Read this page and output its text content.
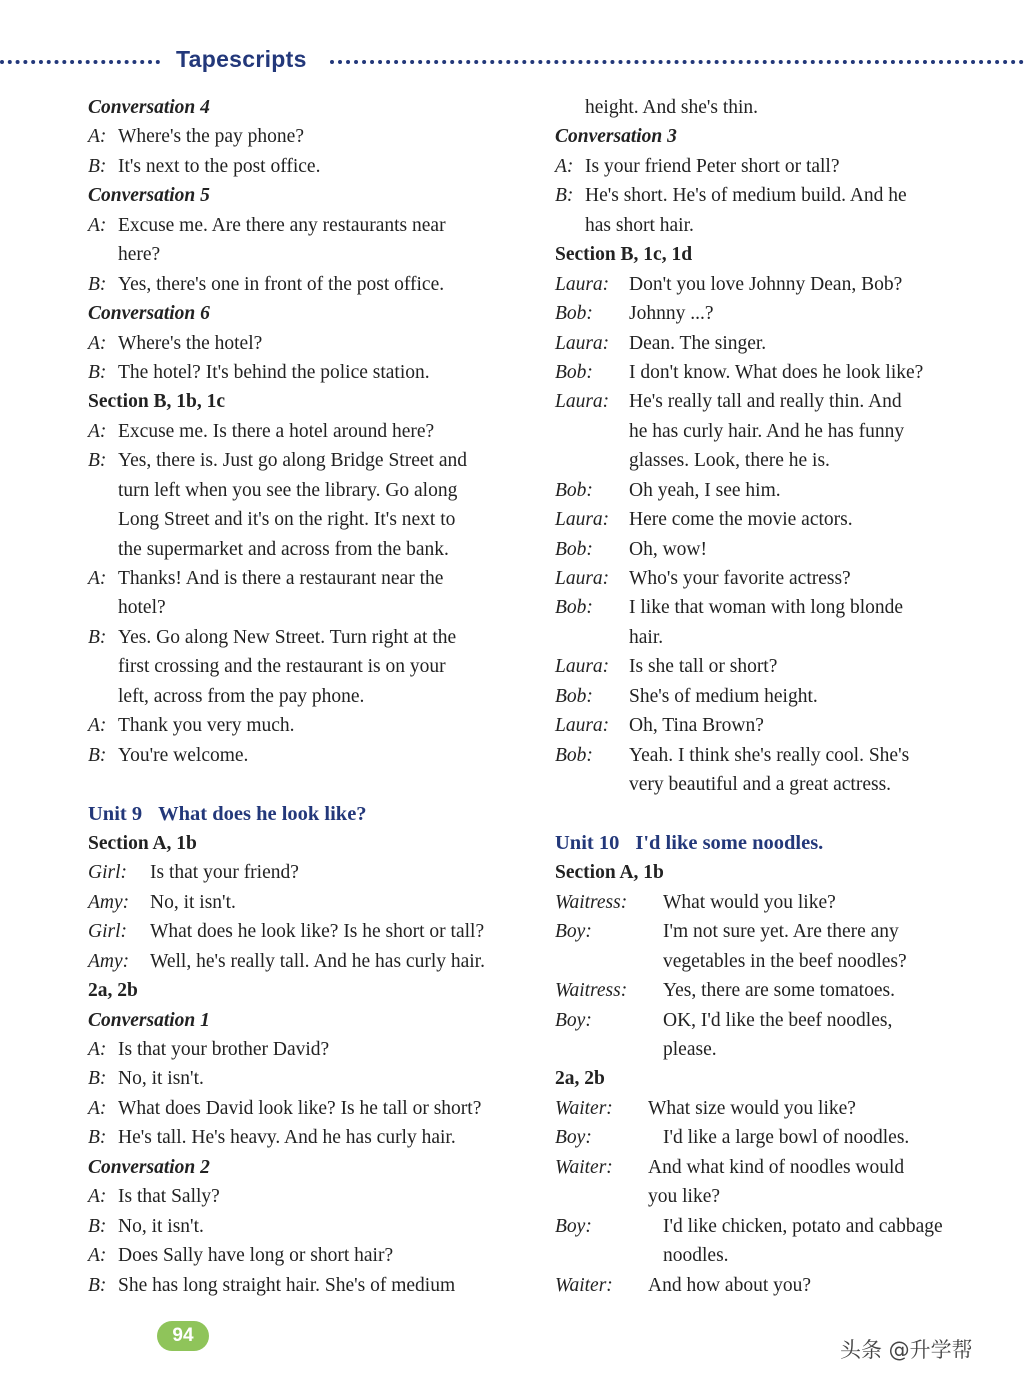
Tapescripts
Conversation 4
A: Where's the pay phone?
B: It's next to the post office.
Conversation 5
A: Excuse me. Are there any restaurants near
here?
B: Yes, there's one in front of the post office.
Conversation 6
A: Where's the hotel?
B: The hotel? It's behind the police station.
Section B, 1b, 1c
A: Excuse me. Is there a hotel around here?
B: Yes, there is. Just go along Bridge Street and
turn left when you see the library. Go along
Long Street and it's on the right. It's next to
the supermarket and across from the bank.
A: Thanks! And is there a restaurant near the
hotel?
B: Yes. Go along New Street. Turn right at the
first crossing and the restaurant is on your
left, across from the pay phone.
A: Thank you very much.
B: You're welcome.
Unit 9 What does he look like?
Section A, 1b
Girl: Is that your friend?
Amy: No, it isn't.
Girl: What does he look like? Is he short or tall?
Amy: Well, he's really tall. And he has curly hair.
2a, 2b
Conversation 1
A: Is that your brother David?
B: No, it isn't.
A: What does David look like? Is he tall or short?
B: He's tall. He's heavy. And he has curly hair.
Conversation 2
A: Is that Sally?
B: No, it isn't.
A: Does Sally have long or short hair?
B: She has long straight hair. She's of medium
height. And she's thin.
Conversation 3
A: Is your friend Peter short or tall?
B: He's short. He's of medium build. And he
has short hair.
Section B, 1c, 1d
Laura: Don't you love Johnny Dean, Bob?
Bob: Johnny ...?
Laura: Dean. The singer.
Bob: I don't know. What does he look like?
Laura: He's really tall and really thin. And
he has curly hair. And he has funny
glasses. Look, there he is.
Bob: Oh yeah, I see him.
Laura: Here come the movie actors.
Bob: Oh, wow!
Laura: Who's your favorite actress?
Bob: I like that woman with long blonde
hair.
Laura: Is she tall or short?
Bob: She's of medium height.
Laura: Oh, Tina Brown?
Bob: Yeah. I think she's really cool. She's
very beautiful and a great actress.
Unit 10 I'd like some noodles.
Section A, 1b
Waitress: What would you like?
Boy:	I'm not sure yet. Are there any
vegetables in the beef noodles?
Waitress: Yes, there are some tomatoes.
Boy:	OK, I'd like the beef noodles,
please.
2a, 2b
Waiter: What size would you like?
Boy:	I'd like a large bowl of noodles.
Waiter: And what kind of noodles would
you like?
Boy:	I'd like chicken, potato and cabbage
noodles.
Waiter: And how about you?
94
头条 @升学帮
